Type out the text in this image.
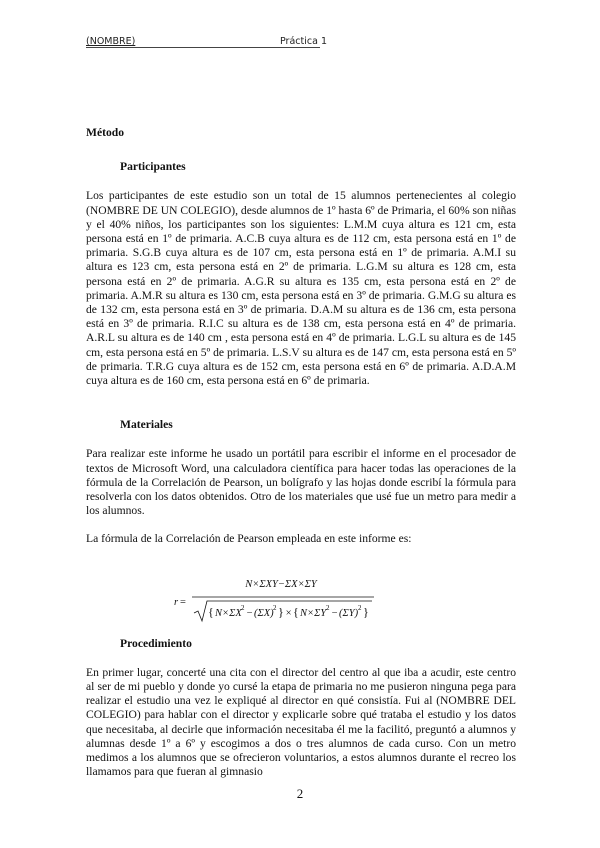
(NOMBRE)	Práctica 1
Método
Participantes

Los participantes de este estudio son un total de 15 alumnos pertenecientes al colegio (NOMBRE DE UN COLEGIO), desde alumnos de 1º hasta 6º de Primaria, el 60% son niñas y el 40% niños, los participantes son los siguientes: L.M.M cuya altura es 121 cm, esta persona está en 1º de primaria. A.C.B cuya altura es de 112 cm, esta persona está en 1º de primaria. S.G.B cuya altura es de 107 cm, esta persona está en 1º de primaria. A.M.I su altura es 123 cm, esta persona está en 2º de primaria. L.G.M su altura es 128 cm, esta persona está en 2º de primaria. A.G.R su altura es 135 cm, esta persona está en 2º de primaria. A.M.R su altura es 130 cm, esta persona está en 3º de primaria. G.M.G su altura es de 132 cm, esta persona está en 3º de primaria. D.A.M su altura es de 136 cm, esta persona está en 3º de primaria. R.I.C su altura es de 138 cm, esta persona está en 4º de primaria. A.R.L su altura es de 140 cm , esta persona está en 4º de primaria. L.G.L su altura es de 145 cm, esta persona está en 5º de primaria. L.S.V su altura es de 147 cm, esta persona está en 5º de primaria. T.R.G cuya altura es de 152 cm, esta persona está en 6º de primaria. A.D.A.M cuya altura es de 160 cm, esta persona está en 6º de primaria.

Materiales

Para realizar este informe he usado un portátil para escribir el informe en el procesador de textos de Microsoft Word, una calculadora científica para hacer todas las operaciones de la fórmula de la Correlación de Pearson, un bolígrafo y las hojas donde escribí la fórmula para resolverla con los datos obtenidos. Otro de los materiales que usé fue un metro para medir a los alumnos.

La fórmula de la Correlación de Pearson empleada en este informe es:

r =
N×ΣXY−ΣX×ΣY
{ N×ΣX 2 − (ΣX) 2 } × { N×ΣY 2 − (ΣY) 2 }
Procedimiento

En primer lugar, concerté una cita con el director del centro al que iba a acudir, este centro al ser de mi pueblo y donde yo cursé la etapa de primaria no me pusieron ninguna pega para realizar el estudio una vez le expliqué al director en qué consistía. Fui al (NOMBRE DEL COLEGIO) para hablar con el director y explicarle sobre qué trataba el estudio y los datos que necesitaba, al decirle que información necesitaba él me la facilitó, preguntó a alumnos y alumnas desde 1º a 6º y escogimos a dos o tres alumnos de cada curso. Con un metro medimos a los alumnos que se ofrecieron voluntarios, a estos alumnos durante el recreo los llamamos para que fueran al gimnasio

2
